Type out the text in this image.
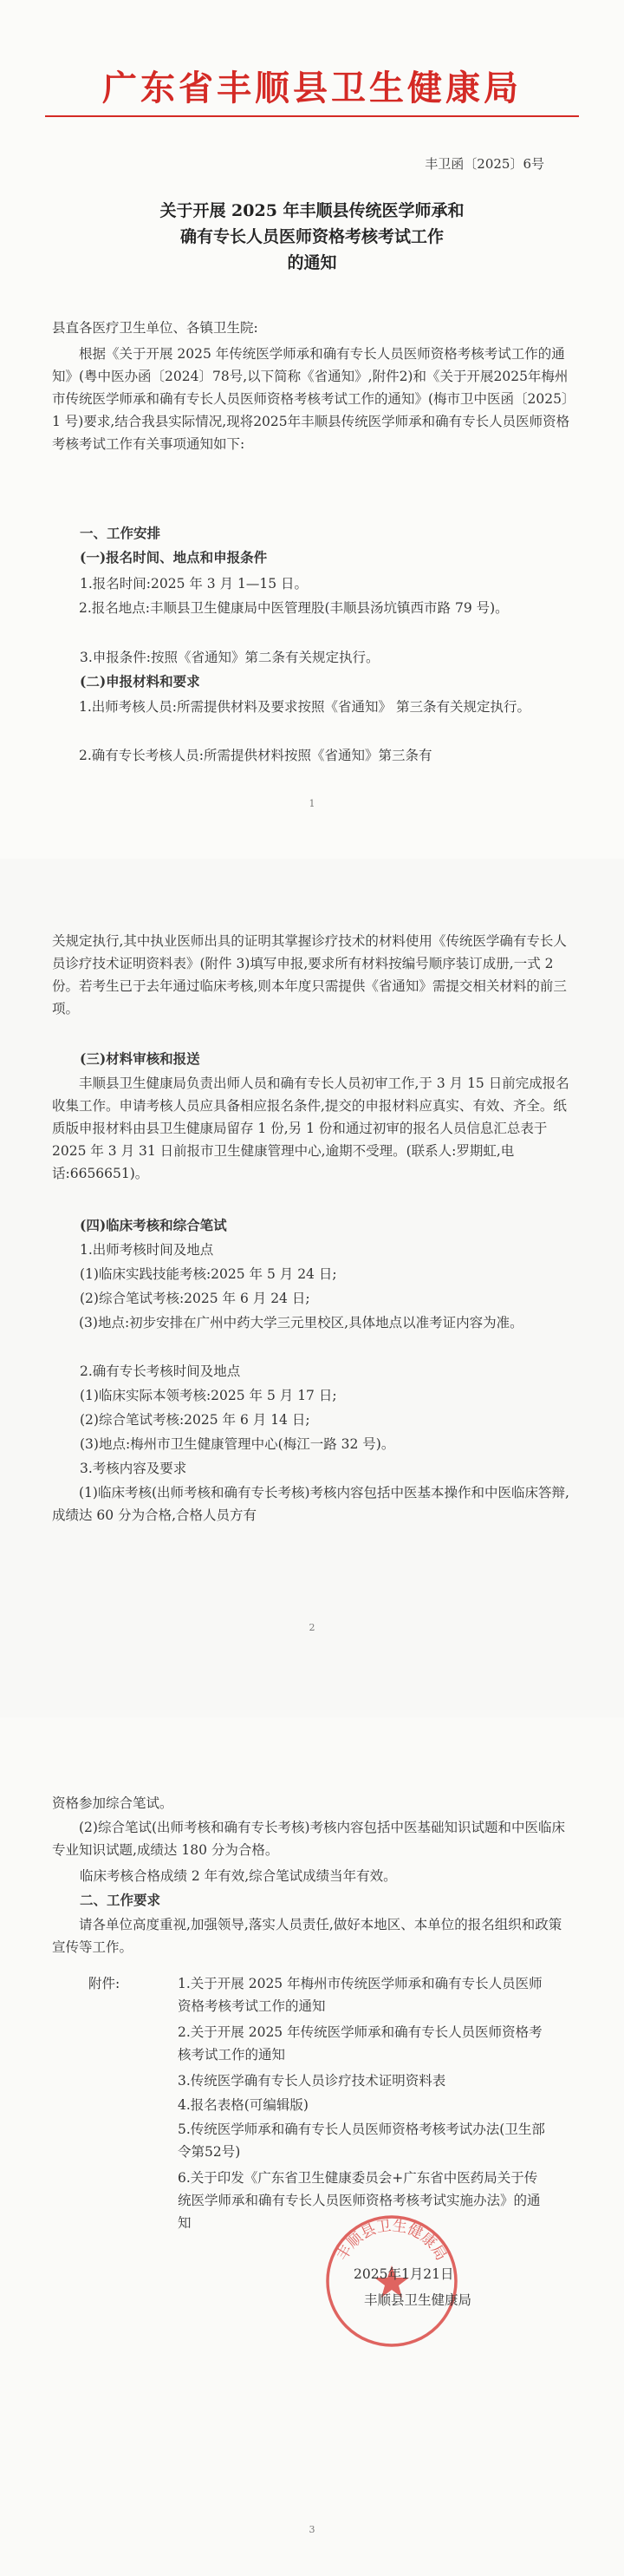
广东省丰顺县卫生健康局
丰卫函〔2025〕6号
关于开展 2025 年丰顺县传统医学师承和
确有专长人员医师资格考核考试工作
的通知

县直各医疗卫生单位、各镇卫生院:

根据《关于开展 2025 年传统医学师承和确有专长人员医师资格考核考试工作的通知》(粤中医办函〔2024〕78号,以下简称《省通知》,附件2)和《关于开展2025年梅州市传统医学师承和确有专长人员医师资格考核考试工作的通知》(梅市卫中医函〔2025〕1 号)要求,结合我县实际情况,现将2025年丰顺县传统医学师承和确有专长人员医师资格考核考试工作有关事项通知如下:

一、工作安排

(一)报名时间、地点和申报条件

1.报名时间:2025 年 3 月 1—15 日。

2.报名地点:丰顺县卫生健康局中医管理股(丰顺县汤坑镇西市路 79 号)。

3.申报条件:按照《省通知》第二条有关规定执行。

(二)申报材料和要求

1.出师考核人员:所需提供材料及要求按照《省通知》 第三条有关规定执行。

2.确有专长考核人员:所需提供材料按照《省通知》第三条有

1

关规定执行,其中执业医师出具的证明其掌握诊疗技术的材料使用《传统医学确有专长人员诊疗技术证明资料表》(附件 3)填写申报,要求所有材料按编号顺序装订成册,一式 2 份。若考生已于去年通过临床考核,则本年度只需提供《省通知》需提交相关材料的前三项。

(三)材料审核和报送

丰顺县卫生健康局负责出师人员和确有专长人员初审工作,于 3 月 15 日前完成报名收集工作。申请考核人员应具备相应报名条件,提交的申报材料应真实、有效、齐全。纸质版申报材料由县卫生健康局留存 1 份,另 1 份和通过初审的报名人员信息汇总表于 2025 年 3 月 31 日前报市卫生健康管理中心,逾期不受理。(联系人:罗期虹,电话:6656651)。

(四)临床考核和综合笔试

1.出师考核时间及地点

(1)临床实践技能考核:2025 年 5 月 24 日;

(2)综合笔试考核:2025 年 6 月 24 日;

(3)地点:初步安排在广州中药大学三元里校区,具体地点以准考证内容为准。

2.确有专长考核时间及地点

(1)临床实际本领考核:2025 年 5 月 17 日;

(2)综合笔试考核:2025 年 6 月 14 日;

(3)地点:梅州市卫生健康管理中心(梅江一路 32 号)。

3.考核内容及要求

(1)临床考核(出师考核和确有专长考核)考核内容包括中医基本操作和中医临床答辩,成绩达 60 分为合格,合格人员方有

2

资格参加综合笔试。

(2)综合笔试(出师考核和确有专长考核)考核内容包括中医基础知识试题和中医临床专业知识试题,成绩达 180 分为合格。

临床考核合格成绩 2 年有效,综合笔试成绩当年有效。

二、工作要求

请各单位高度重视,加强领导,落实人员责任,做好本地区、本单位的报名组织和政策宣传等工作。

附件:	1.关于开展 2025 年梅州市传统医学师承和确有专长人员医师资格考核考试工作的通知
2.关于开展 2025 年传统医学师承和确有专长人员医师资格考核考试工作的通知
3.传统医学确有专长人员诊疗技术证明资料表
4.报名表格(可编辑版)
5.传统医学师承和确有专长人员医师资格考核考试办法(卫生部令第52号)
6.关于印发《广东省卫生健康委员会+广东省中医药局关于传统医学师承和确有专长人员医师资格考核考试实施办法》的通知
丰顺县卫生健康局
2025年1月21日
丰顺县卫生健康局
3
